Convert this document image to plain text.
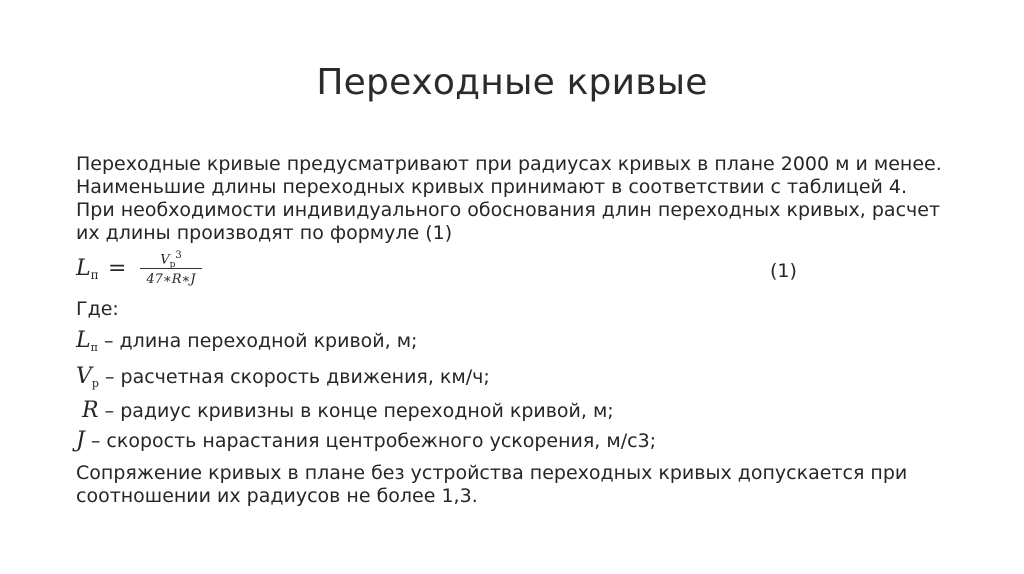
Переходные кривые
Переходные кривые предусматривают при радиусах кривых в плане 2000 м и менее. Наименьшие длины переходных кривых принимают в соответствии с таблицей 4. При необходимости индивидуального обоснования длин переходных кривых, расчет их длины производят по формуле (1)
$L_п$ =	$V_р^3$
47∗R∗J	(1)
Где:
$L_п$ – длина переходной кривой, м;
$V_р$ – расчетная скорость движения, км/ч;
R – радиус кривизны в конце переходной кривой, м;
J – скорость нарастания центробежного ускорения, м/с3;
Сопряжение кривых в плане без устройства переходных кривых допускается при соотношении их радиусов не более 1,3.
